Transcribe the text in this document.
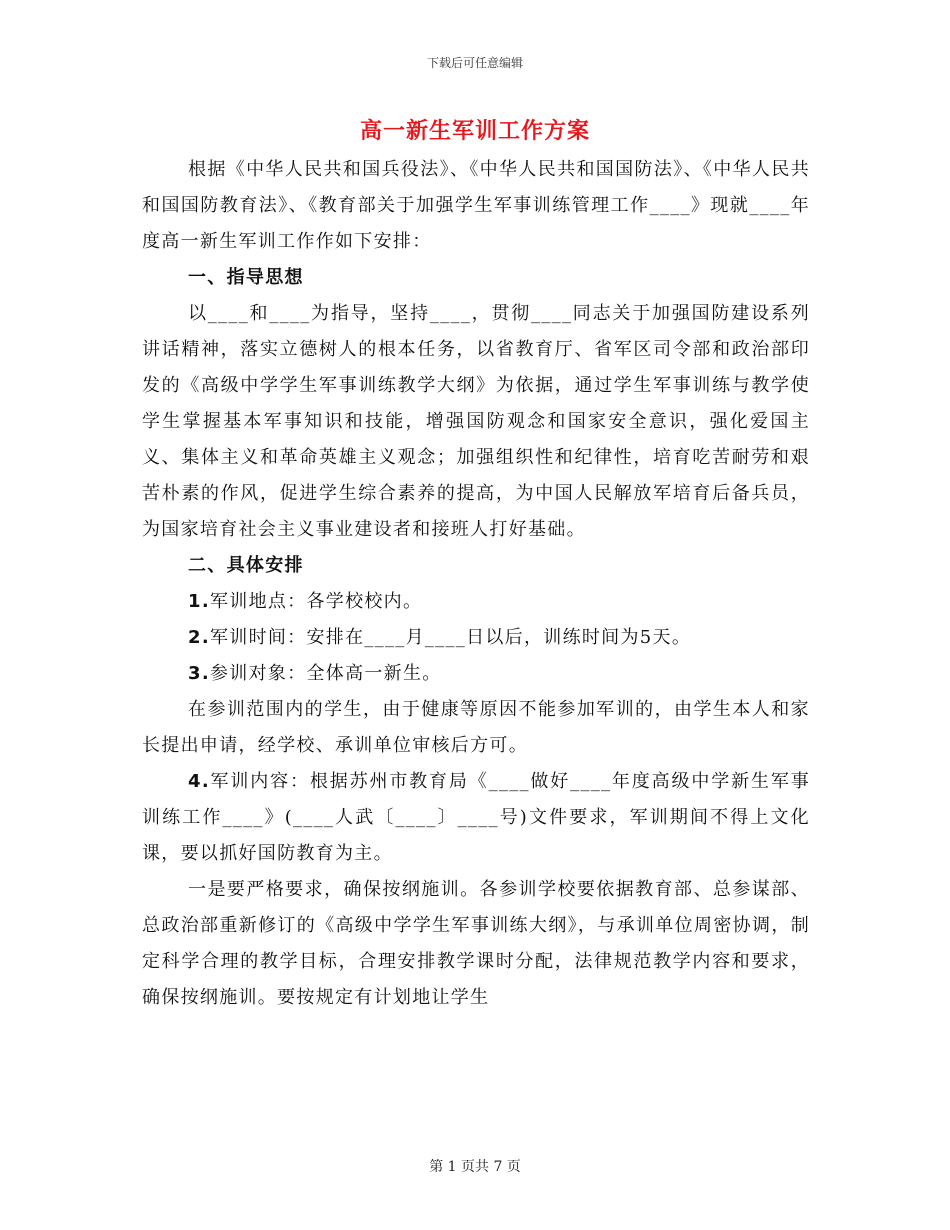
下载后可任意编辑
高一新生军训工作方案

根据《中华人民共和国兵役法》、《中华人民共和国国防法》、《中华人民共和国国防教育法》、《教育部关于加强学生军事训练管理工作____》现就____年度高一新生军训工作作如下安排：

一、指导思想

以____和____为指导，坚持____，贯彻____同志关于加强国防建设系列讲话精神，落实立德树人的根本任务，以省教育厅、省军区司令部和政治部印发的《高级中学学生军事训练教学大纲》为依据，通过学生军事训练与教学使学生掌握基本军事知识和技能，增强国防观念和国家安全意识，强化爱国主义、集体主义和革命英雄主义观念；加强组织性和纪律性，培育吃苦耐劳和艰苦朴素的作风，促进学生综合素养的提高，为中国人民解放军培育后备兵员，为国家培育社会主义事业建设者和接班人打好基础。

二、具体安排

1.军训地点：各学校校内。

2.军训时间：安排在____月____日以后，训练时间为5天。

3.参训对象：全体高一新生。

在参训范围内的学生，由于健康等原因不能参加军训的，由学生本人和家长提出申请，经学校、承训单位审核后方可。

4.军训内容：根据苏州市教育局《____做好____年度高级中学新生军事训练工作____》(____人武〔____〕____号)文件要求，军训期间不得上文化课，要以抓好国防教育为主。

一是要严格要求，确保按纲施训。各参训学校要依据教育部、总参谋部、总政治部重新修订的《高级中学学生军事训练大纲》，与承训单位周密协调，制定科学合理的教学目标，合理安排教学课时分配，法律规范教学内容和要求，确保按纲施训。要按规定有计划地让学生

第 1 页共 7 页
